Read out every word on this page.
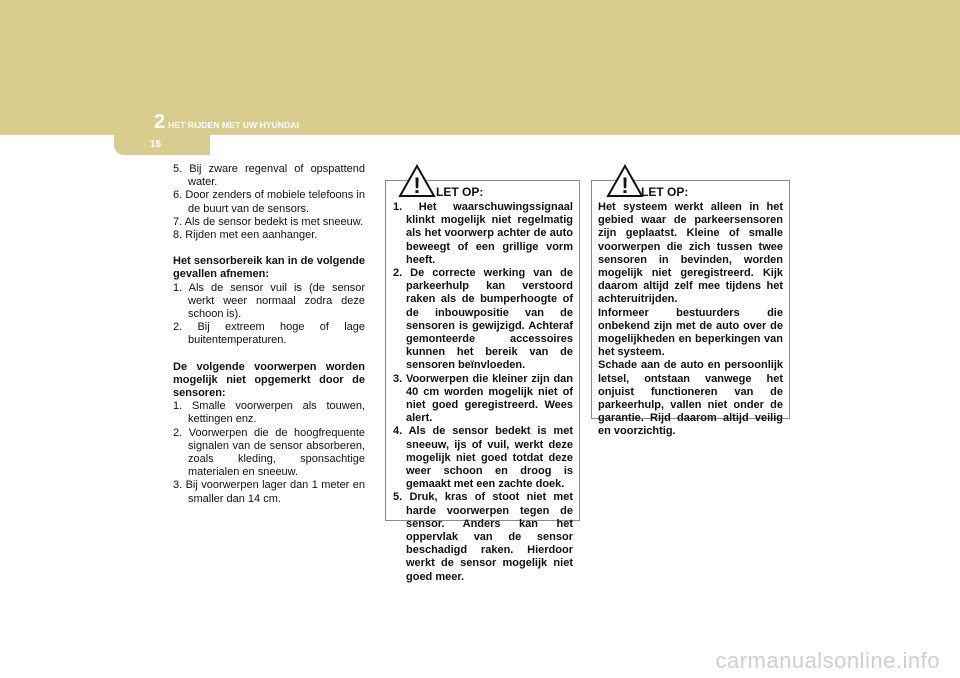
2 HET RIJDEN MET UW HYUNDAI
16

5. Bij zware regenval of opspattend water.

6. Door zenders of mobiele telefoons in de buurt van de sensors.

7. Als de sensor bedekt is met sneeuw.

8. Rijden met een aanhanger.

Het sensorbereik kan in de volgende gevallen afnemen:

1. Als de sensor vuil is (de sensor werkt weer normaal zodra deze schoon is).

2. Bij extreem hoge of lage buitentemperaturen.

De volgende voorwerpen worden mogelijk niet opgemerkt door de sensoren:

1. Smalle voorwerpen als touwen, kettingen enz.

2. Voorwerpen die de hoogfrequente signalen van de sensor absorberen, zoals kleding, sponsachtige materialen en sneeuw.

3. Bij voorwerpen lager dan 1 meter en smaller dan 14 cm.

! LET OP:

1. Het waarschuwingssignaal klinkt mogelijk niet regelmatig als het voorwerp achter de auto beweegt of een grillige vorm heeft.

2. De correcte werking van de parkeerhulp kan verstoord raken als de bumperhoogte of de inbouwpositie van de sensoren is gewijzigd. Achteraf gemonteerde accessoires kunnen het bereik van de sensoren beïnvloeden.

3. Voorwerpen die kleiner zijn dan 40 cm worden mogelijk niet of niet goed geregistreerd. Wees alert.

4. Als de sensor bedekt is met sneeuw, ijs of vuil, werkt deze mogelijk niet goed totdat deze weer schoon en droog is gemaakt met een zachte doek.

5. Druk, kras of stoot niet met harde voorwerpen tegen de sensor. Anders kan het oppervlak van de sensor beschadigd raken. Hierdoor werkt de sensor mogelijk niet goed meer.

! LET OP:

Het systeem werkt alleen in het gebied waar de parkeersensoren zijn geplaatst. Kleine of smalle voorwerpen die zich tussen twee sensoren in bevinden, worden mogelijk niet geregistreerd. Kijk daarom altijd zelf mee tijdens het achteruitrijden.

Informeer bestuurders die onbekend zijn met de auto over de mogelijkheden en beperkingen van het systeem.

Schade aan de auto en persoonlijk letsel, ontstaan vanwege het onjuist functioneren van de parkeerhulp, vallen niet onder de garantie. Rijd daarom altijd veilig en voorzichtig.

carmanualsonline.info
